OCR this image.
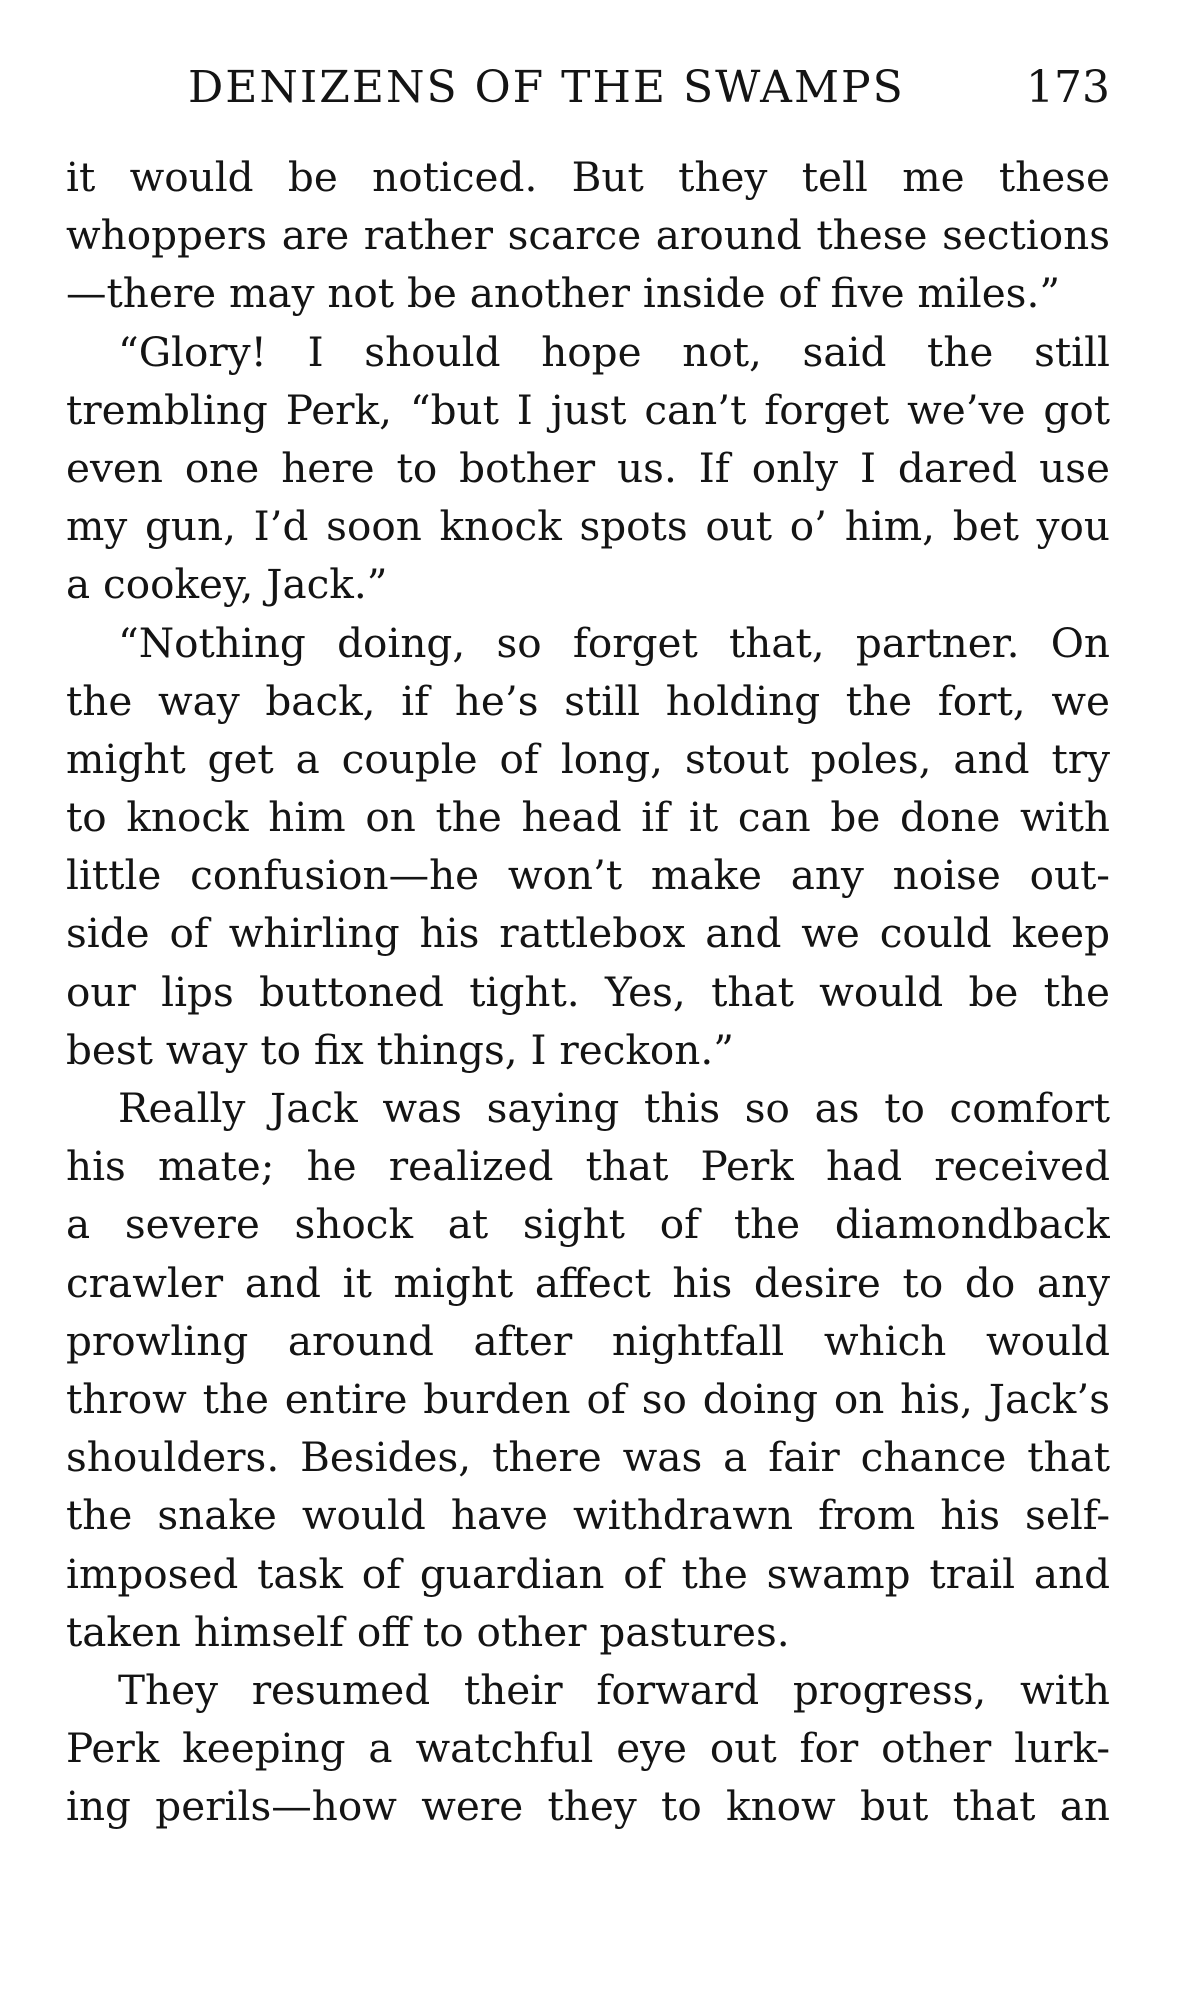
DENIZENS OF THE SWAMPS	173
it would be noticed. But they tell me these
whoppers are rather scarce around these sections
—there may not be another inside of five miles.”
“Glory! I should hope not, said the still
trembling Perk, “but I just can’t forget we’ve got
even one here to bother us. If only I dared use
my gun, I’d soon knock spots out o’ him, bet you
a cookey, Jack.”
“Nothing doing, so forget that, partner. On
the way back, if he’s still holding the fort, we
might get a couple of long, stout poles, and try
to knock him on the head if it can be done with
little confusion—he won’t make any noise out-
side of whirling his rattlebox and we could keep
our lips buttoned tight. Yes, that would be the
best way to fix things, I reckon.”
Really Jack was saying this so as to comfort
his mate; he realized that Perk had received
a severe shock at sight of the diamondback
crawler and it might affect his desire to do any
prowling around after nightfall which would
throw the entire burden of so doing on his, Jack’s
shoulders. Besides, there was a fair chance that
the snake would have withdrawn from his self-
imposed task of guardian of the swamp trail and
taken himself off to other pastures.
They resumed their forward progress, with
Perk keeping a watchful eye out for other lurk-
ing perils—how were they to know but that an
